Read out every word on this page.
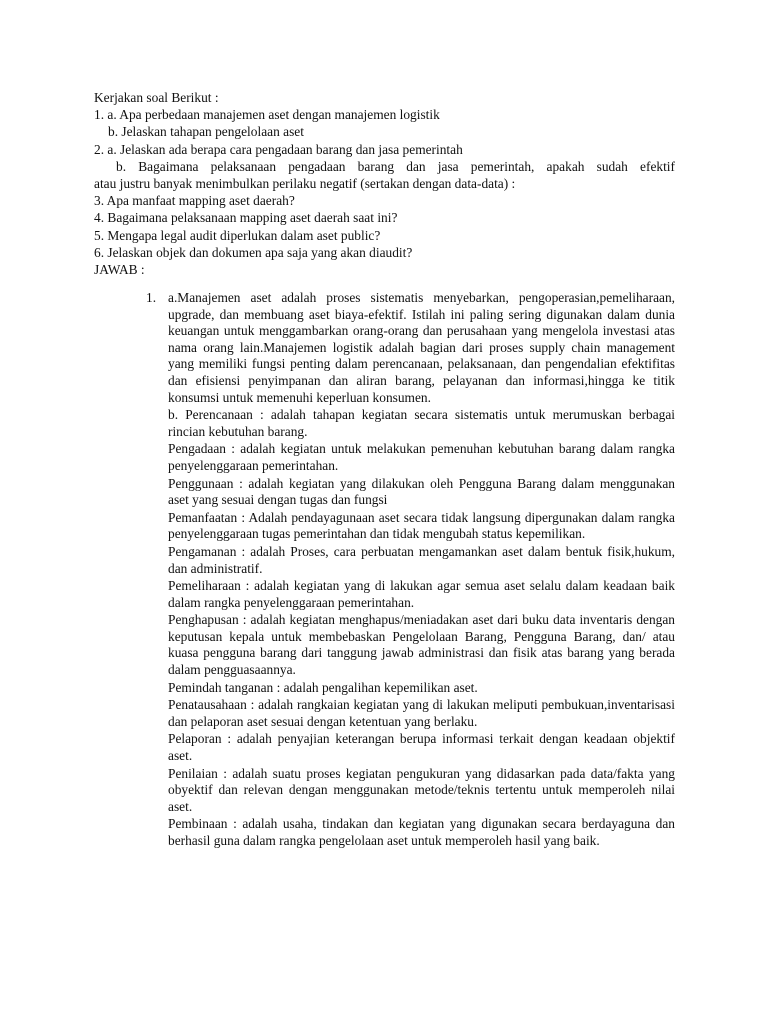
Kerjakan soal Berikut :

1. a. Apa perbedaan manajemen aset dengan manajemen logistik

b. Jelaskan tahapan pengelolaan aset

2. a. Jelaskan ada berapa cara pengadaan barang dan jasa pemerintah

b. Bagaimana pelaksanaan pengadaan barang dan jasa pemerintah, apakah sudah efektif

atau justru banyak menimbulkan perilaku negatif (sertakan dengan data-data) :

3. Apa manfaat mapping aset daerah?

4. Bagaimana pelaksanaan mapping aset daerah saat ini?

5. Mengapa legal audit diperlukan dalam aset public?

6. Jelaskan objek dan dokumen apa saja yang akan diaudit?

JAWAB :

1. a.Manajemen aset adalah proses sistematis menyebarkan, pengoperasian,pemeliharaan, upgrade, dan membuang aset biaya-efektif. Istilah ini paling sering digunakan dalam dunia keuangan untuk menggambarkan orang-orang dan perusahaan yang mengelola investasi atas nama orang lain.Manajemen logistik adalah bagian dari proses supply chain management yang memiliki fungsi penting dalam perencanaan, pelaksanaan, dan pengendalian efektifitas dan efisiensi penyimpanan dan aliran barang, pelayanan dan informasi,hingga ke titik konsumsi untuk memenuhi keperluan konsumen.

b. Perencanaan : adalah tahapan kegiatan secara sistematis untuk merumuskan berbagai rincian kebutuhan barang.

Pengadaan : adalah kegiatan untuk melakukan pemenuhan kebutuhan barang dalam rangka penyelenggaraan pemerintahan.

Penggunaan : adalah kegiatan yang dilakukan oleh Pengguna Barang dalam menggunakan aset yang sesuai dengan tugas dan fungsi

Pemanfaatan : Adalah pendayagunaan aset secara tidak langsung dipergunakan dalam rangka penyelenggaraan tugas pemerintahan dan tidak mengubah status kepemilikan.

Pengamanan : adalah Proses, cara perbuatan mengamankan aset dalam bentuk fisik,hukum, dan administratif.

Pemeliharaan : adalah kegiatan yang di lakukan agar semua aset selalu dalam keadaan baik dalam rangka penyelenggaraan pemerintahan.

Penghapusan : adalah kegiatan menghapus/meniadakan aset dari buku data inventaris dengan keputusan kepala untuk membebaskan Pengelolaan Barang, Pengguna Barang, dan/ atau kuasa pengguna barang dari tanggung jawab administrasi dan fisik atas barang yang berada dalam pengguasaannya.

Pemindah tanganan : adalah pengalihan kepemilikan aset.

Penatausahaan : adalah rangkaian kegiatan yang di lakukan meliputi pembukuan,inventarisasi dan pelaporan aset sesuai dengan ketentuan yang berlaku.

Pelaporan : adalah penyajian keterangan berupa informasi terkait dengan keadaan objektif aset.

Penilaian : adalah suatu proses kegiatan pengukuran yang didasarkan pada data/fakta yang obyektif dan relevan dengan menggunakan metode/teknis tertentu untuk memperoleh nilai aset.

Pembinaan : adalah usaha, tindakan dan kegiatan yang digunakan secara berdayaguna dan berhasil guna dalam rangka pengelolaan aset untuk memperoleh hasil yang baik.
